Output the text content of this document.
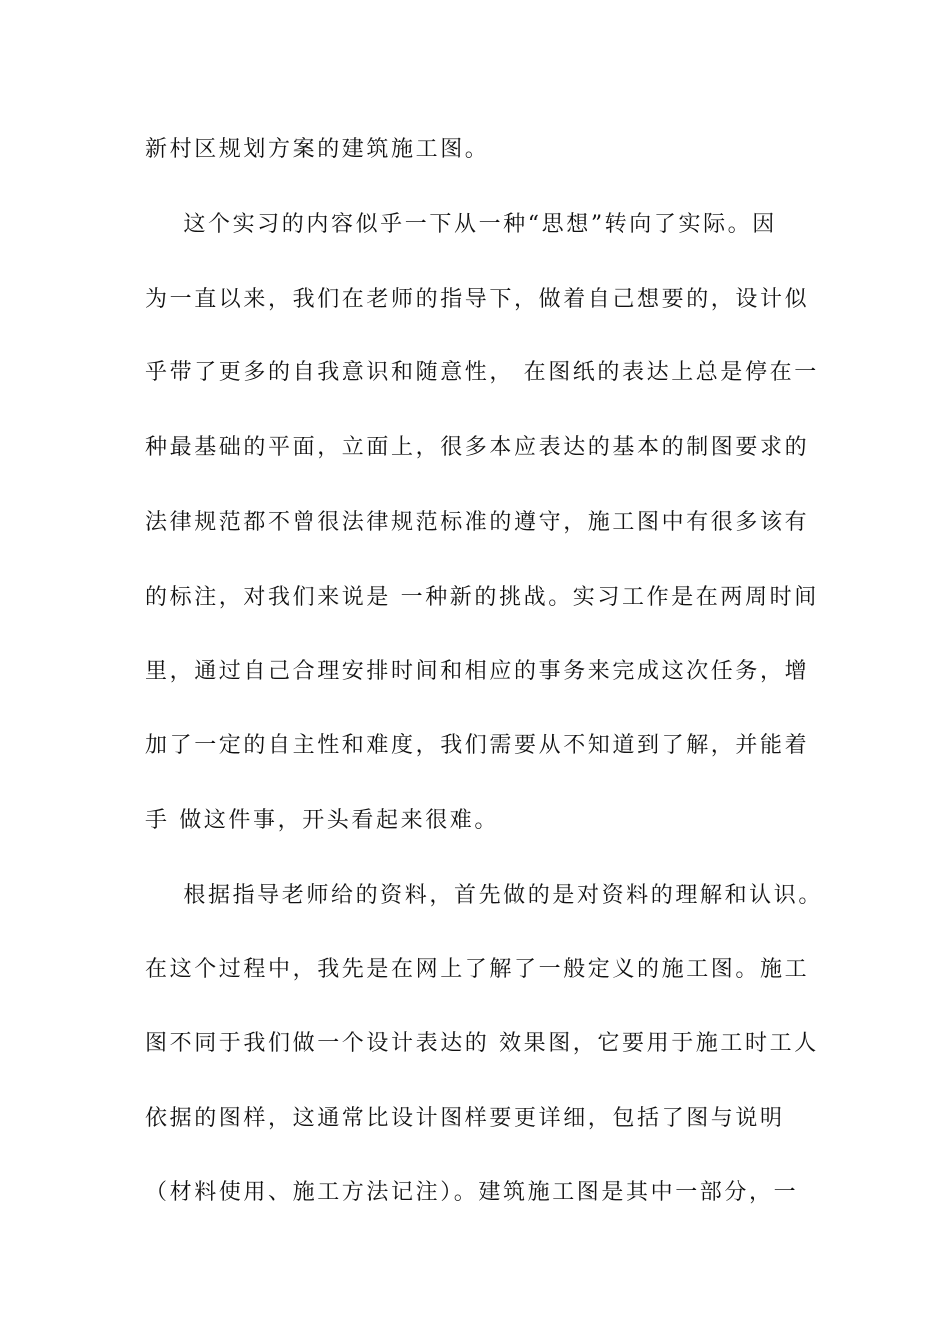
新村区规划方案的建筑施工图。
这个实习的内容似乎一下从一种“思想”转向了实际。因
为一直以来，我们在老师的指导下，做着自己想要的，设计似
乎带了更多的自我意识和随意性， 在图纸的表达上总是停在一
种最基础的平面，立面上，很多本应表达的基本的制图要求的
法律规范都不曾很法律规范标准的遵守，施工图中有很多该有
的标注，对我们来说是 一种新的挑战。实习工作是在两周时间
里，通过自己合理安排时间和相应的事务来完成这次任务，增
加了一定的自主性和难度，我们需要从不知道到了解，并能着
手 做这件事，开头看起来很难。
根据指导老师给的资料，首先做的是对资料的理解和认识。
在这个过程中，我先是在网上了解了一般定义的施工图。施工
图不同于我们做一个设计表达的 效果图，它要用于施工时工人
依据的图样，这通常比设计图样要更详细，包括了图与说明
（材料使用、施工方法记注）。建筑施工图是其中一部分，一
